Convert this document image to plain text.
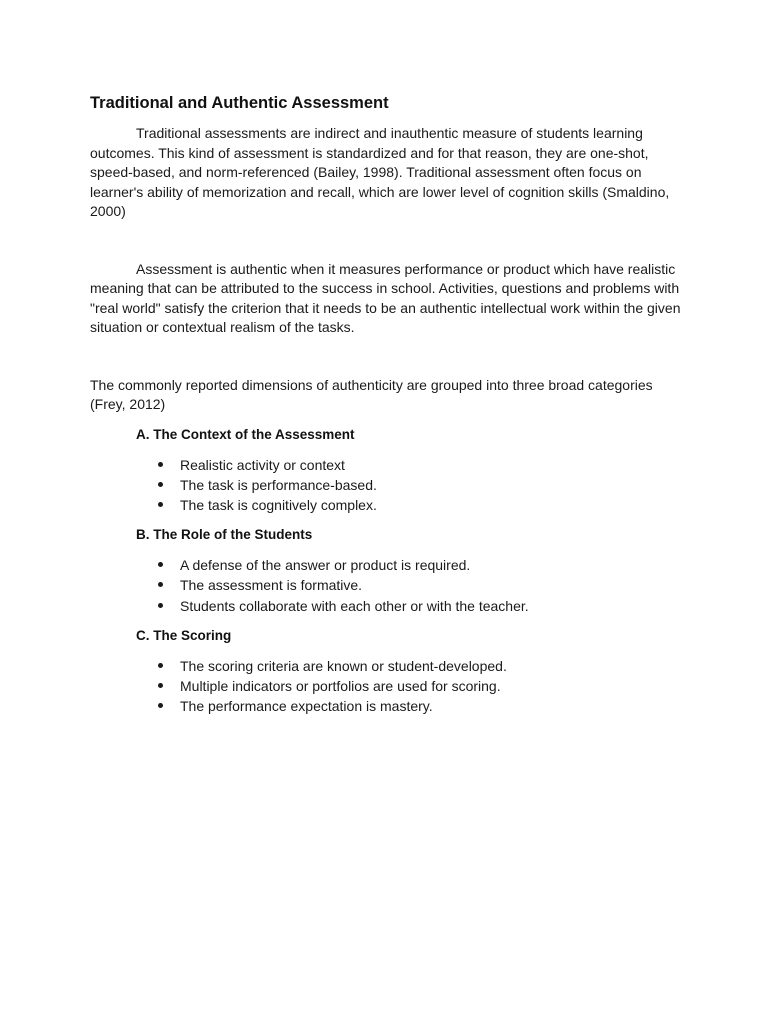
Traditional and Authentic Assessment

Traditional assessments are indirect and inauthentic measure of students learning outcomes. This kind of assessment is standardized and for that reason, they are one-shot, speed-based, and norm-referenced (Bailey, 1998). Traditional assessment often focus on learner's ability of memorization and recall, which are lower level of cognition skills (Smaldino, 2000)

Assessment is authentic when it measures performance or product which have realistic meaning that can be attributed to the success in school. Activities, questions and problems with "real world" satisfy the criterion that it needs to be an authentic intellectual work within the given situation or contextual realism of the tasks.

The commonly reported dimensions of authenticity are grouped into three broad categories (Frey, 2012)

A. The Context of the Assessment
Realistic activity or context
The task is performance-based.
The task is cognitively complex.
B. The Role of the Students
A defense of the answer or product is required.
The assessment is formative.
Students collaborate with each other or with the teacher.
C. The Scoring
The scoring criteria are known or student-developed.
Multiple indicators or portfolios are used for scoring.
The performance expectation is mastery.
